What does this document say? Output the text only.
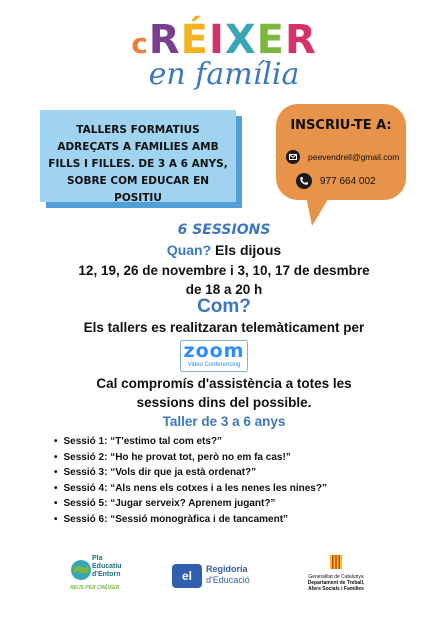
cRÉIXER
en família
TALLERS FORMATIUS ADREÇATS A FAMILIES AMB FILLS I FILLES. DE 3 A 6 ANYS, SOBRE COM EDUCAR EN POSITIU
INSCRIU-TE A:
peevendrell@gmail.com
977 664 002
6 SESSIONS
Quan? Els dijous
12, 19, 26 de novembre i 3, 10, 17 de desmbre
de 18 a 20 h
Com?
Els tallers es realitzaran telemàticament per
zoom
Video Conferencing
Cal compromís d'assistència a totes les
sessions dins del possible.
Taller de 3 a 6 anys
• Sessió 1: “T'estimo tal com ets?”
• Sessió 2: “Ho he provat tot, però no em fa cas!”
• Sessió 3: “Vols dir que ja està ordenat?”
• Sessió 4: “Als nens els cotxes i a les nenes les nines?”
• Sessió 5: “Jugar serveix? Aprenem jugant?”
• Sessió 6: “Sessió monogràfica i de tancament”
Pla
Educatiu
d'Entorn
REUS PER CRÉIXER
el	Regidoria
d'Educació	Generalitat de Catalunya
Departament de Treball,
Afers Socials i Famílies
